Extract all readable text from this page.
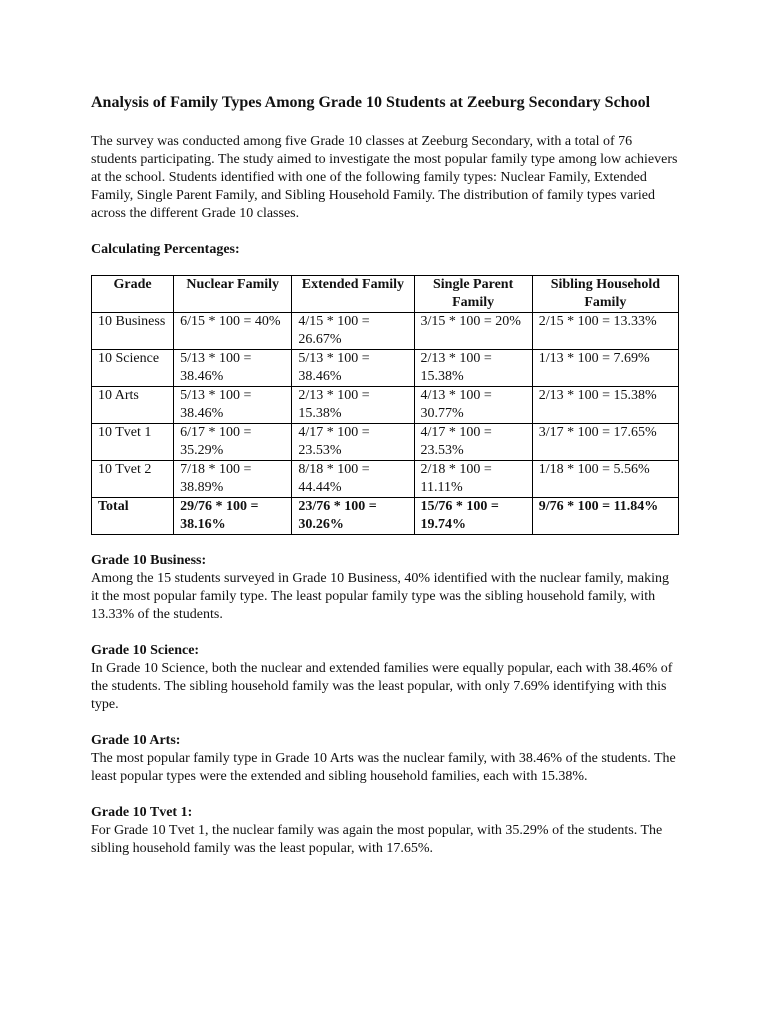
Analysis of Family Types Among Grade 10 Students at Zeeburg Secondary School

The survey was conducted among five Grade 10 classes at Zeeburg Secondary, with a total of 76 students participating. The study aimed to investigate the most popular family type among low achievers at the school. Students identified with one of the following family types: Nuclear Family, Extended Family, Single Parent Family, and Sibling Household Family. The distribution of family types varied across the different Grade 10 classes.

Calculating Percentages:
Grade	Nuclear Family	Extended Family	Single Parent Family	Sibling Household Family
10 Business	6/15 * 100 = 40%	4/15 * 100 = 26.67%	3/15 * 100 = 20%	2/15 * 100 = 13.33%
10 Science	5/13 * 100 = 38.46%	5/13 * 100 = 38.46%	2/13 * 100 = 15.38%	1/13 * 100 = 7.69%
10 Arts	5/13 * 100 = 38.46%	2/13 * 100 = 15.38%	4/13 * 100 = 30.77%	2/13 * 100 = 15.38%
10 Tvet 1	6/17 * 100 = 35.29%	4/17 * 100 = 23.53%	4/17 * 100 = 23.53%	3/17 * 100 = 17.65%
10 Tvet 2	7/18 * 100 = 38.89%	8/18 * 100 = 44.44%	2/18 * 100 = 11.11%	1/18 * 100 = 5.56%
Total	29/76 * 100 = 38.16%	23/76 * 100 = 30.26%	15/76 * 100 = 19.74%	9/76 * 100 = 11.84%
Grade 10 Business:

Among the 15 students surveyed in Grade 10 Business, 40% identified with the nuclear family, making it the most popular family type. The least popular family type was the sibling household family, with 13.33% of the students.

Grade 10 Science:

In Grade 10 Science, both the nuclear and extended families were equally popular, each with 38.46% of the students. The sibling household family was the least popular, with only 7.69% identifying with this type.

Grade 10 Arts:

The most popular family type in Grade 10 Arts was the nuclear family, with 38.46% of the students. The least popular types were the extended and sibling household families, each with 15.38%.

Grade 10 Tvet 1:

For Grade 10 Tvet 1, the nuclear family was again the most popular, with 35.29% of the students. The sibling household family was the least popular, with 17.65%.
